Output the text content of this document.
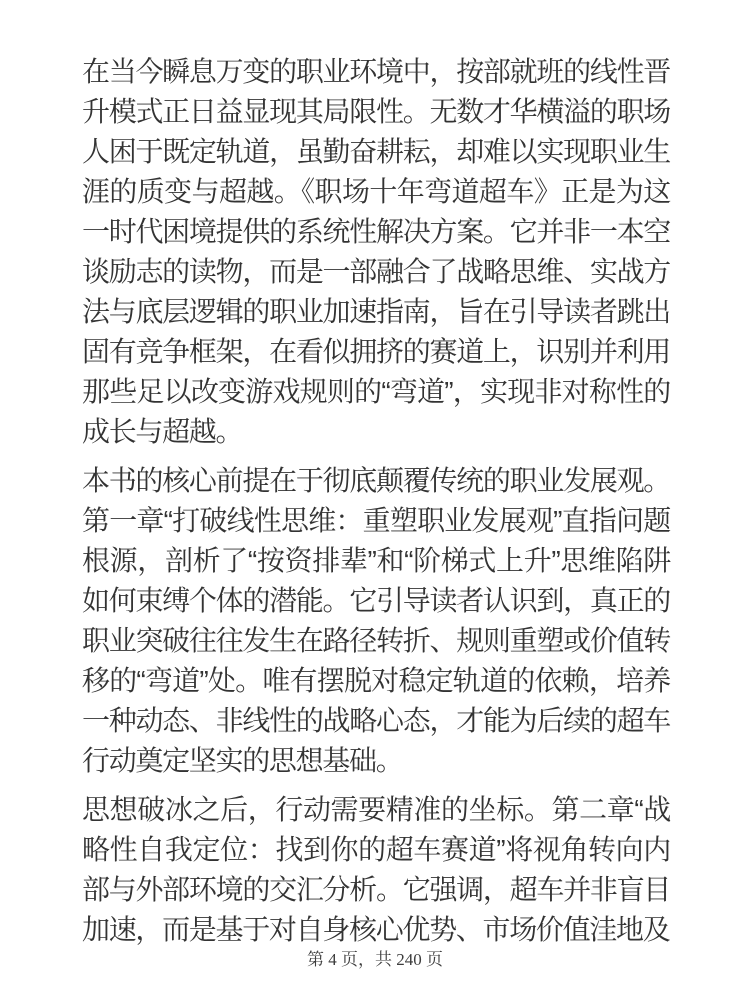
在当今瞬息万变的职业环境中，按部就班的线性晋升模式正日益显现其局限性。无数才华横溢的职场人困于既定轨道，虽勤奋耕耘，却难以实现职业生涯的质变与超越。《职场十年弯道超车》正是为这一时代困境提供的系统性解决方案。它并非一本空谈励志的读物，而是一部融合了战略思维、实战方法与底层逻辑的职业加速指南，旨在引导读者跳出固有竞争框架，在看似拥挤的赛道上，识别并利用那些足以改变游戏规则的“弯道”，实现非对称性的成长与超越。

本书的核心前提在于彻底颠覆传统的职业发展观。第一章“打破线性思维：重塑职业发展观”直指问题根源，剖析了“按资排辈”和“阶梯式上升”思维陷阱如何束缚个体的潜能。它引导读者认识到，真正的职业突破往往发生在路径转折、规则重塑或价值转移的“弯道”处。唯有摆脱对稳定轨道的依赖，培养一种动态、非线性的战略心态，才能为后续的超车行动奠定坚实的思想基础。

思想破冰之后，行动需要精准的坐标。第二章“战略性自我定位：找到你的超车赛道”将视角转向内部与外部环境的交汇分析。它强调，超车并非盲目加速，而是基于对自身核心优势、市场价值洼地及

第 4 页，共 240 页
